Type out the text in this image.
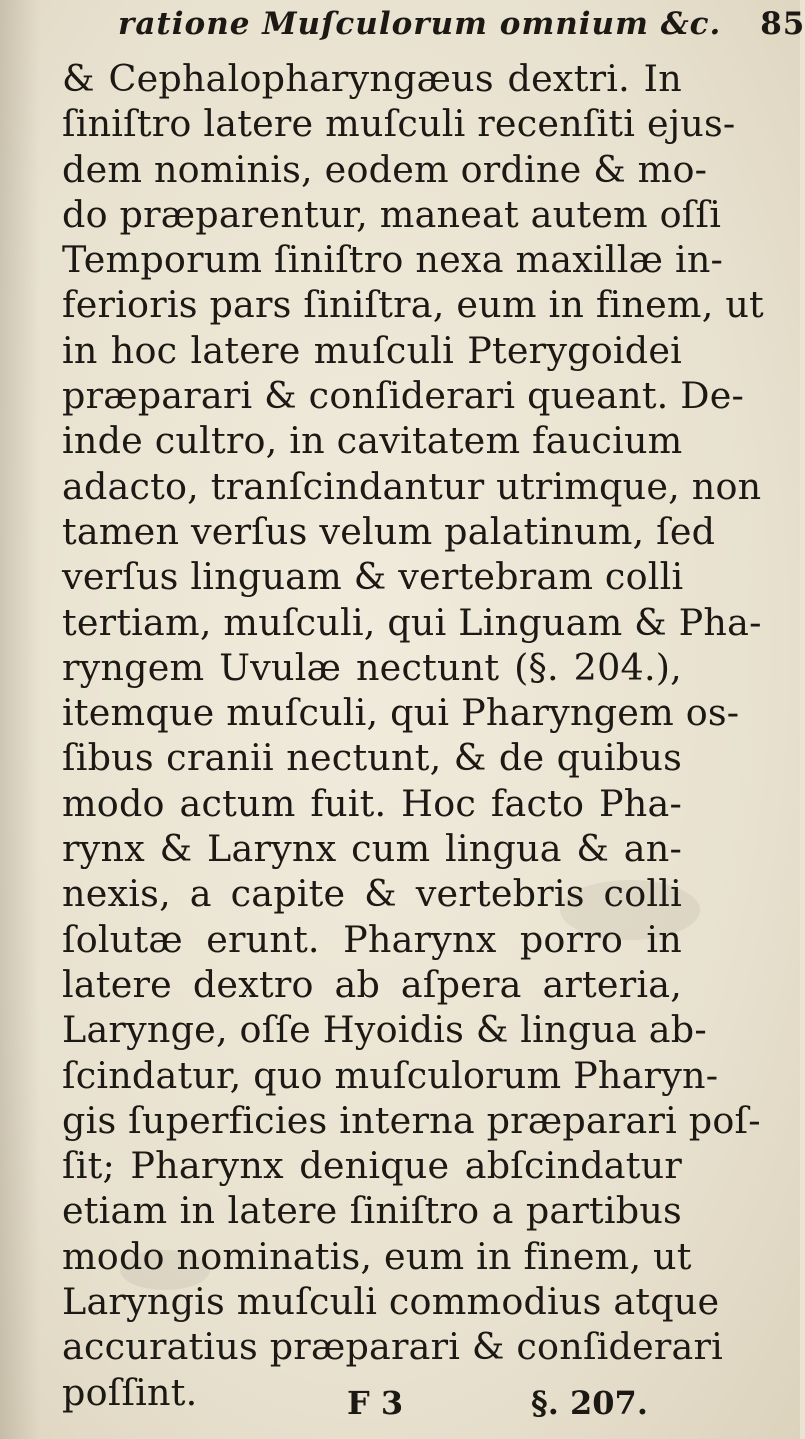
ratione Muſculorum omnium &c. 85
& Cephalopharyngæus dextri. In
ſiniſtro latere muſculi recenſiti ejus-
dem nominis, eodem ordine & mo-
do præparentur, maneat autem oſſi
Temporum ſiniſtro nexa maxillæ in-
ferioris pars ſiniſtra, eum in finem, ut
in hoc latere muſculi Pterygoidei
præparari & conſiderari queant. De-
inde cultro, in cavitatem faucium
adacto, tranſcindantur utrimque, non
tamen verſus velum palatinum, ſed
verſus linguam & vertebram colli
tertiam, muſculi, qui Linguam & Pha-
ryngem Uvulæ nectunt (§. 204.),
itemque muſculi, qui Pharyngem os-
ſibus cranii nectunt, & de quibus
modo actum fuit. Hoc facto Pha-
rynx & Larynx cum lingua & an-
nexis, a capite & vertebris colli
ſolutæ erunt. Pharynx porro in
latere dextro ab aſpera arteria,
Larynge, oſſe Hyoidis & lingua ab-
ſcindatur, quo muſculorum Pharyn-
gis ſuperficies interna præparari poſ-
ſit; Pharynx denique abſcindatur
etiam in latere ſiniſtro a partibus
modo nominatis, eum in finem, ut
Laryngis muſculi commodius atque
accuratius præparari & conſiderari
poſſint.	F 3	§. 207.
